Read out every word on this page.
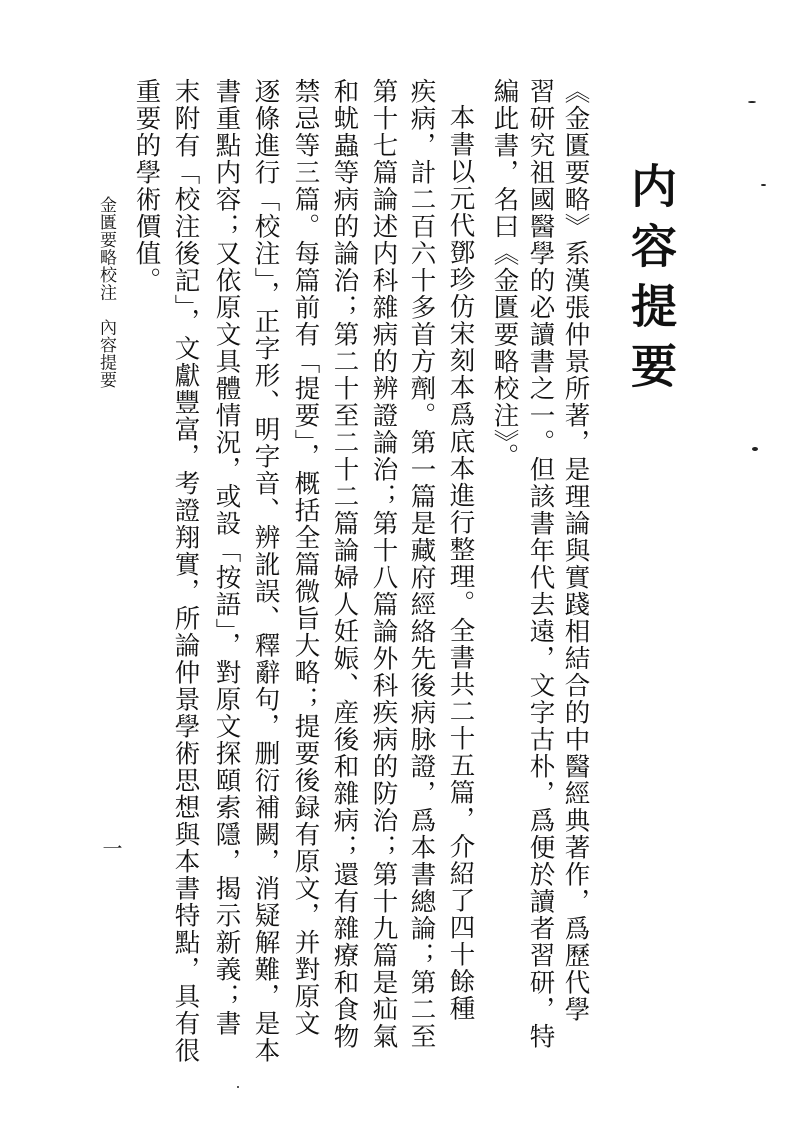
内容提要

《金匱要略》系漢張仲景所著，是理論與實踐相結合的中醫經典著作，爲歷代學

習研究祖國醫學的必讀書之一。但該書年代去遠，文字古朴，爲便於讀者習研，特

編此書，名曰《金匱要略校注》。

本書以元代鄧珍仿宋刻本爲底本進行整理。全書共二十五篇，介紹了四十餘種

疾病，計二百六十多首方劑。第一篇是藏府經絡先後病脉證，爲本書總論；第二至

第十七篇論述内科雜病的辨證論治；第十八篇論外科疾病的防治；第十九篇是疝氣

和蚘蟲等病的論治；第二十至二十二篇論婦人妊娠、産後和雜病；還有雜療和食物

禁忌等三篇。每篇前有「提要」，概括全篇微旨大略；提要後録有原文，并對原文

逐條進行「校注」，正字形、明字音、辨訛誤、釋辭句，删衍補闕，消疑解難，是本

書重點内容；又依原文具體情況，或設「按語」，對原文探頤索隱，揭示新義；書

末附有「校注後記」，文獻豐富，考證翔實，所論仲景學術思想與本書特點，具有很

重要的學術價值。

金匱要略校注　內容提要
一
